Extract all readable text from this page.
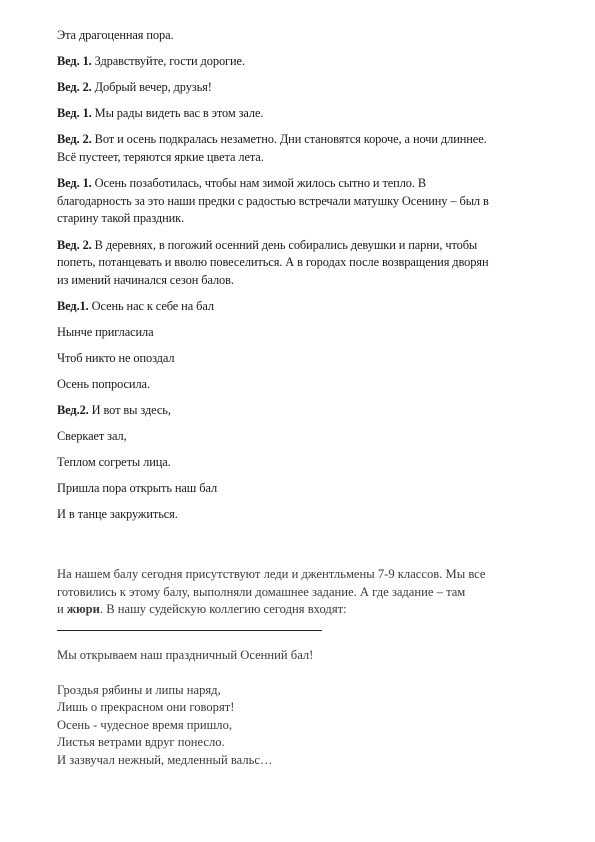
Эта драгоценная пора.

Вед. 1. Здравствуйте, гости дорогие.

Вед. 2. Добрый вечер, друзья!

Вед. 1. Мы рады видеть вас в этом зале.

Вед. 2. Вот и осень подкралась незаметно. Дни становятся короче, а ночи длиннее.
Всё пустеет, теряются яркие цвета лета.

Вед. 1. Осень позаботилась, чтобы нам зимой жилось сытно и тепло. В
благодарность за это наши предки с радостью встречали матушку Осенину – был в
старину такой праздник.

Вед. 2. В деревнях, в погожий осенний день собирались девушки и парни, чтобы
попеть, потанцевать и вволю повеселиться. А в городах после возвращения дворян
из имений начинался сезон балов.

Вед.1. Осень нас к себе на бал

Нынче пригласила

Чтоб никто не опоздал

Осень попросила.

Вед.2. И вот вы здесь,

Сверкает зал,

Теплом согреты лица.

Пришла пора открыть наш бал

И в танце закружиться.

На нашем балу сегодня присутствуют леди и джентльмены 7-9 классов. Мы все
готовились к этому балу, выполняли домашнее задание. А где задание – там
и жюри. В нашу судейскую коллегию сегодня входят:

Мы открываем наш праздничный Осенний бал!

Гроздья рябины и липы наряд,
Лишь о прекрасном они говорят!
Осень - чудесное время пришло,
Листья ветрами вдруг понесло.
И зазвучал нежный, медленный вальс…
